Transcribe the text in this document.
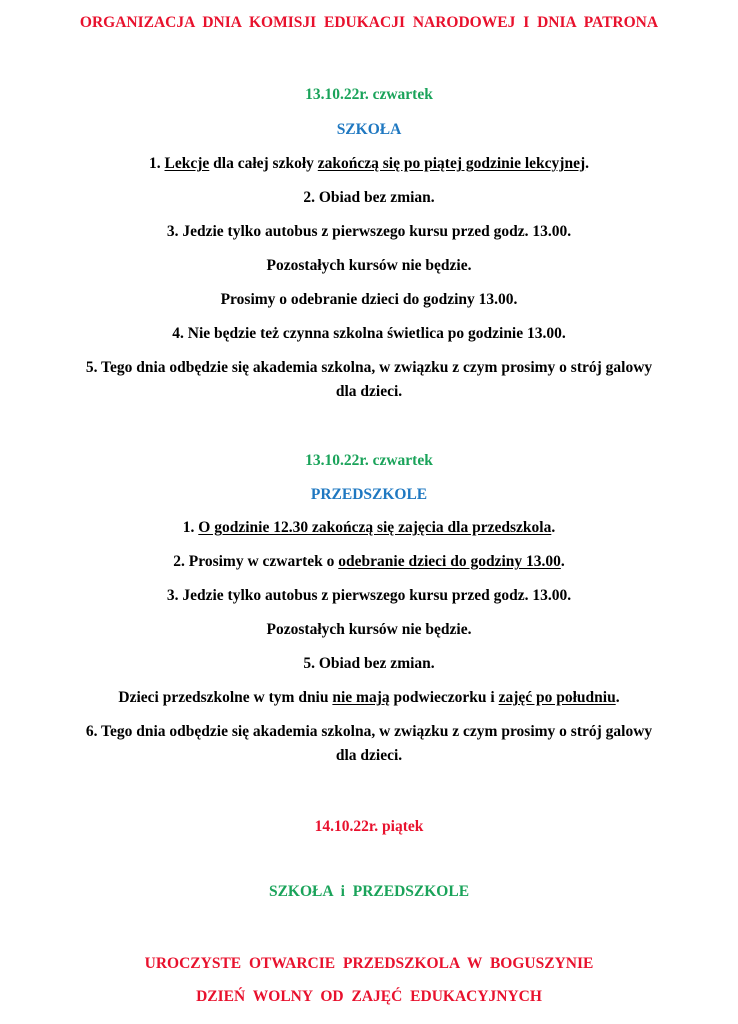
ORGANIZACJA DNIA KOMISJI EDUKACJI NARODOWEJ I DNIA PATRONA
13.10.22r. czwartek
SZKOŁA
1. Lekcje dla całej szkoły zakończą się po piątej godzinie lekcyjnej.
2. Obiad bez zmian.
3. Jedzie tylko autobus z pierwszego kursu przed godz. 13.00.
Pozostałych kursów nie będzie.
Prosimy o odebranie dzieci do godziny 13.00.
4. Nie będzie też czynna szkolna świetlica po godzinie 13.00.
5. Tego dnia odbędzie się akademia szkolna, w związku z czym prosimy o strój galowy
dla dzieci.
13.10.22r. czwartek
PRZEDSZKOLE
1. O godzinie 12.30 zakończą się zajęcia dla przedszkola.
2. Prosimy w czwartek o odebranie dzieci do godziny 13.00.
3. Jedzie tylko autobus z pierwszego kursu przed godz. 13.00.
Pozostałych kursów nie będzie.
5. Obiad bez zmian.
Dzieci przedszkolne w tym dniu nie mają podwieczorku i zajęć po południu.
6. Tego dnia odbędzie się akademia szkolna, w związku z czym prosimy o strój galowy
dla dzieci.
14.10.22r. piątek
SZKOŁA i PRZEDSZKOLE
UROCZYSTE OTWARCIE PRZEDSZKOLA W BOGUSZYNIE
DZIEŃ WOLNY OD ZAJĘĆ EDUKACYJNYCH
